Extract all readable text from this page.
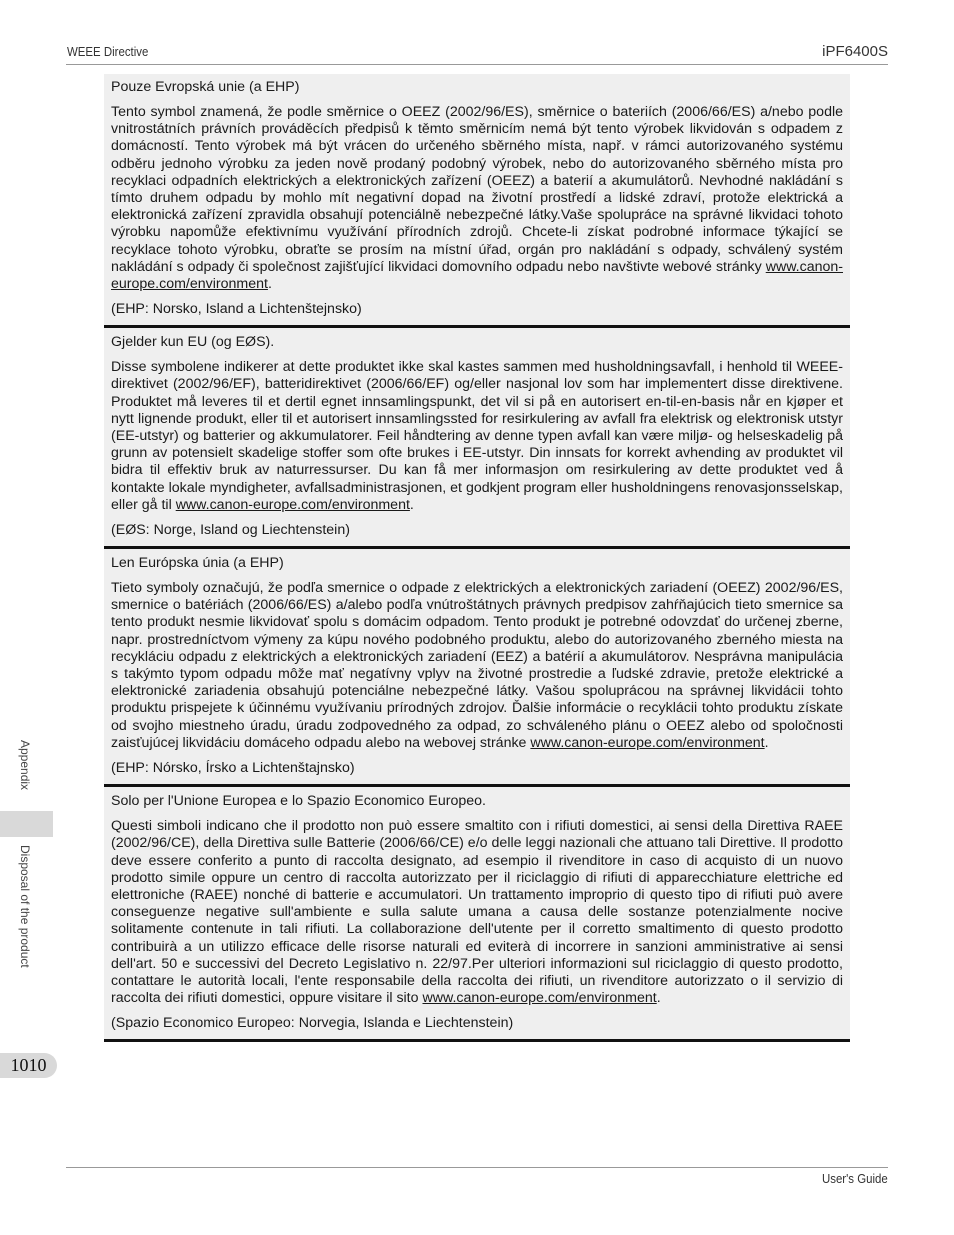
WEEE Directive	iPF6400S
Appendix
Disposal of the product
1010

Pouze Evropská unie (a EHP)

Tento symbol znamená, že podle směrnice o OEEZ (2002/96/ES), směrnice o bateriích (2006/66/ES) a/nebo podle vnitrostátních právních prováděcích předpisů k těmto směrnicím nemá být tento výrobek likvidován s odpadem z domácností. Tento výrobek má být vrácen do určeného sběrného místa, např. v rámci autorizovaného systému odběru jednoho výrobku za jeden nově prodaný podobný výrobek, nebo do autorizovaného sběrného místa pro recyklaci odpadních elektrických a elektronických zařízení (OEEZ) a baterií a akumulátorů. Nevhodné nakládání s tímto druhem odpadu by mohlo mít negativní dopad na životní prostředí a lidské zdraví, protože elektrická a elektronická zařízení zpravidla obsahují potenciálně nebezpečné látky.Vaše spolupráce na správné likvidaci tohoto výrobku napomůže efektivnímu využívání přírodních zdrojů. Chcete-li získat podrobné informace týkající se recyklace tohoto výrobku, obraťte se prosím na místní úřad, orgán pro nakládání s odpady, schválený systém nakládání s odpady či společnost zajišťující likvidaci domovního odpadu nebo navštivte webové stránky www.canon-europe.com/environment.

(EHP: Norsko, Island a Lichtenštejnsko)

Gjelder kun EU (og EØS).

Disse symbolene indikerer at dette produktet ikke skal kastes sammen med husholdningsavfall, i henhold til WEEE-direktivet (2002/96/EF), batteridirektivet (2006/66/EF) og/eller nasjonal lov som har implementert disse direktivene. Produktet må leveres til et dertil egnet innsamlingspunkt, det vil si på en autorisert en-til-en-basis når en kjøper et nytt lignende produkt, eller til et autorisert innsamlingssted for resirkulering av avfall fra elektrisk og elektronisk utstyr (EE-utstyr) og batterier og akkumulatorer. Feil håndtering av denne typen avfall kan være miljø- og helseskadelig på grunn av potensielt skadelige stoffer som ofte brukes i EE-utstyr. Din innsats for korrekt avhending av produktet vil bidra til effektiv bruk av naturressurser. Du kan få mer informasjon om resirkulering av dette produktet ved å kontakte lokale myndigheter, avfallsadministrasjonen, et godkjent program eller husholdningens renovasjonsselskap, eller gå til www.canon-europe.com/environment.

(EØS: Norge, Island og Liechtenstein)

Len Európska únia (a EHP)

Tieto symboly označujú, že podľa smernice o odpade z elektrických a elektronických zariadení (OEEZ) 2002/96/ES, smernice o batériách (2006/66/ES) a/alebo podľa vnútroštátnych právnych predpisov zahŕňajúcich tieto smernice sa tento produkt nesmie likvidovať spolu s domácim odpadom. Tento produkt je potrebné odovzdať do určenej zberne, napr. prostredníctvom výmeny za kúpu nového podobného produktu, alebo do autorizovaného zberného miesta na recykláciu odpadu z elektrických a elektronických zariadení (EEZ) a batérií a akumulátorov. Nesprávna manipulácia s takýmto typom odpadu môže mať negatívny vplyv na životné prostredie a ľudské zdravie, pretože elektrické a elektronické zariadenia obsahujú potenciálne nebezpečné látky. Vašou spoluprácou na správnej likvidácii tohto produktu prispejete k účinnému využívaniu prírodných zdrojov. Ďalšie informácie o recyklácii tohto produktu získate od svojho miestneho úradu, úradu zodpovedného za odpad, zo schváleného plánu o OEEZ alebo od spoločnosti zaisťujúcej likvidáciu domáceho odpadu alebo na webovej stránke www.canon-europe.com/environment.

(EHP: Nórsko, Írsko a Lichtenštajnsko)

Solo per l'Unione Europea e lo Spazio Economico Europeo.

Questi simboli indicano che il prodotto non può essere smaltito con i rifiuti domestici, ai sensi della Direttiva RAEE (2002/96/CE), della Direttiva sulle Batterie (2006/66/CE) e/o delle leggi nazionali che attuano tali Direttive. Il prodotto deve essere conferito a punto di raccolta designato, ad esempio il rivenditore in caso di acquisto di un nuovo prodotto simile oppure un centro di raccolta autorizzato per il riciclaggio di rifiuti di apparecchiature elettriche ed elettroniche (RAEE) nonché di batterie e accumulatori. Un trattamento improprio di questo tipo di rifiuti può avere conseguenze negative sull'ambiente e sulla salute umana a causa delle sostanze potenzialmente nocive solitamente contenute in tali rifiuti. La collaborazione dell'utente per il corretto smaltimento di questo prodotto contribuirà a un utilizzo efficace delle risorse naturali ed eviterà di incorrere in sanzioni amministrative ai sensi dell'art. 50 e successivi del Decreto Legislativo n. 22/97.Per ulteriori informazioni sul riciclaggio di questo prodotto, contattare le autorità locali, l'ente responsabile della raccolta dei rifiuti, un rivenditore autorizzato o il servizio di raccolta dei rifiuti domestici, oppure visitare il sito www.canon-europe.com/environment.

(Spazio Economico Europeo: Norvegia, Islanda e Liechtenstein)

User's Guide
